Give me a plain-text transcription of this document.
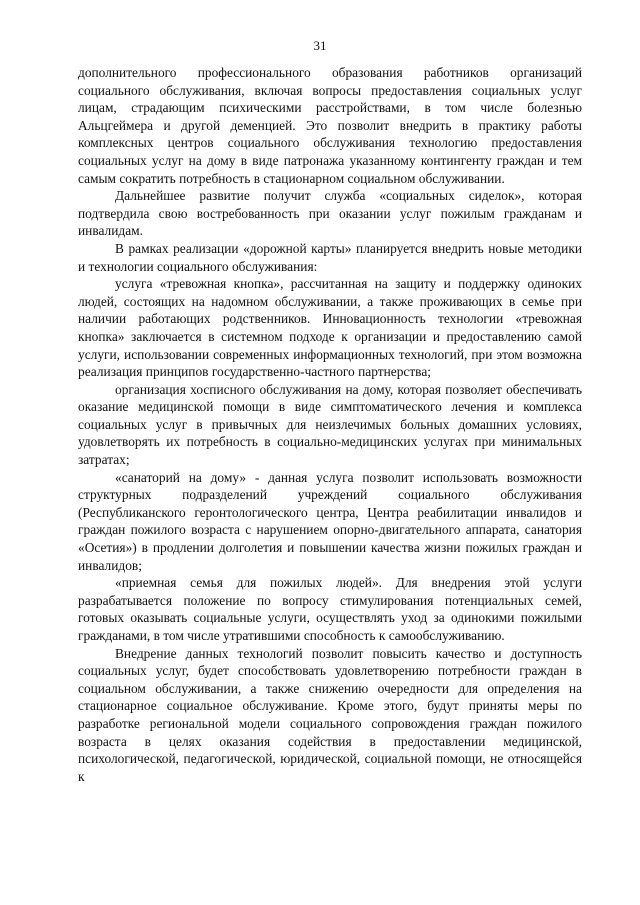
31

дополнительного профессионального образования работников организаций социального обслуживания, включая вопросы предоставления социальных услуг лицам, страдающим психическими расстройствами, в том числе болезнью Альцгеймера и другой деменцией. Это позволит внедрить в практику работы комплексных центров социального обслуживания технологию предоставления социальных услуг на дому в виде патронажа указанному контингенту граждан и тем самым сократить потребность в стационарном социальном обслуживании.

Дальнейшее развитие получит служба «социальных сиделок», которая подтвердила свою востребованность при оказании услуг пожилым гражданам и инвалидам.

В рамках реализации «дорожной карты» планируется внедрить новые методики и технологии социального обслуживания:

услуга «тревожная кнопка», рассчитанная на защиту и поддержку одиноких людей, состоящих на надомном обслуживании, а также проживающих в семье при наличии работающих родственников. Инновационность технологии «тревожная кнопка» заключается в системном подходе к организации и предоставлению самой услуги, использовании современных информационных технологий, при этом возможна реализация принципов государственно-частного партнерства;

организация хосписного обслуживания на дому, которая позволяет обеспечивать оказание медицинской помощи в виде симптоматического лечения и комплекса социальных услуг в привычных для неизлечимых больных домашних условиях, удовлетворять их потребность в социально-медицинских услугах при минимальных затратах;

«санаторий на дому» - данная услуга позволит использовать возможности структурных подразделений учреждений социального обслуживания (Республиканского геронтологического центра, Центра реабилитации инвалидов и граждан пожилого возраста с нарушением опорно-двигательного аппарата, санатория «Осетия») в продлении долголетия и повышении качества жизни пожилых граждан и инвалидов;

«приемная семья для пожилых людей». Для внедрения этой услуги разрабатывается положение по вопросу стимулирования потенциальных семей, готовых оказывать социальные услуги, осуществлять уход за одинокими пожилыми гражданами, в том числе утратившими способность к самообслуживанию.

Внедрение данных технологий позволит повысить качество и доступность социальных услуг, будет способствовать удовлетворению потребности граждан в социальном обслуживании, а также снижению очередности для определения на стационарное социальное обслуживание. Кроме этого, будут приняты меры по разработке региональной модели социального сопровождения граждан пожилого возраста в целях оказания содействия в предоставлении медицинской, психологической, педагогической, юридической, социальной помощи, не относящейся к
